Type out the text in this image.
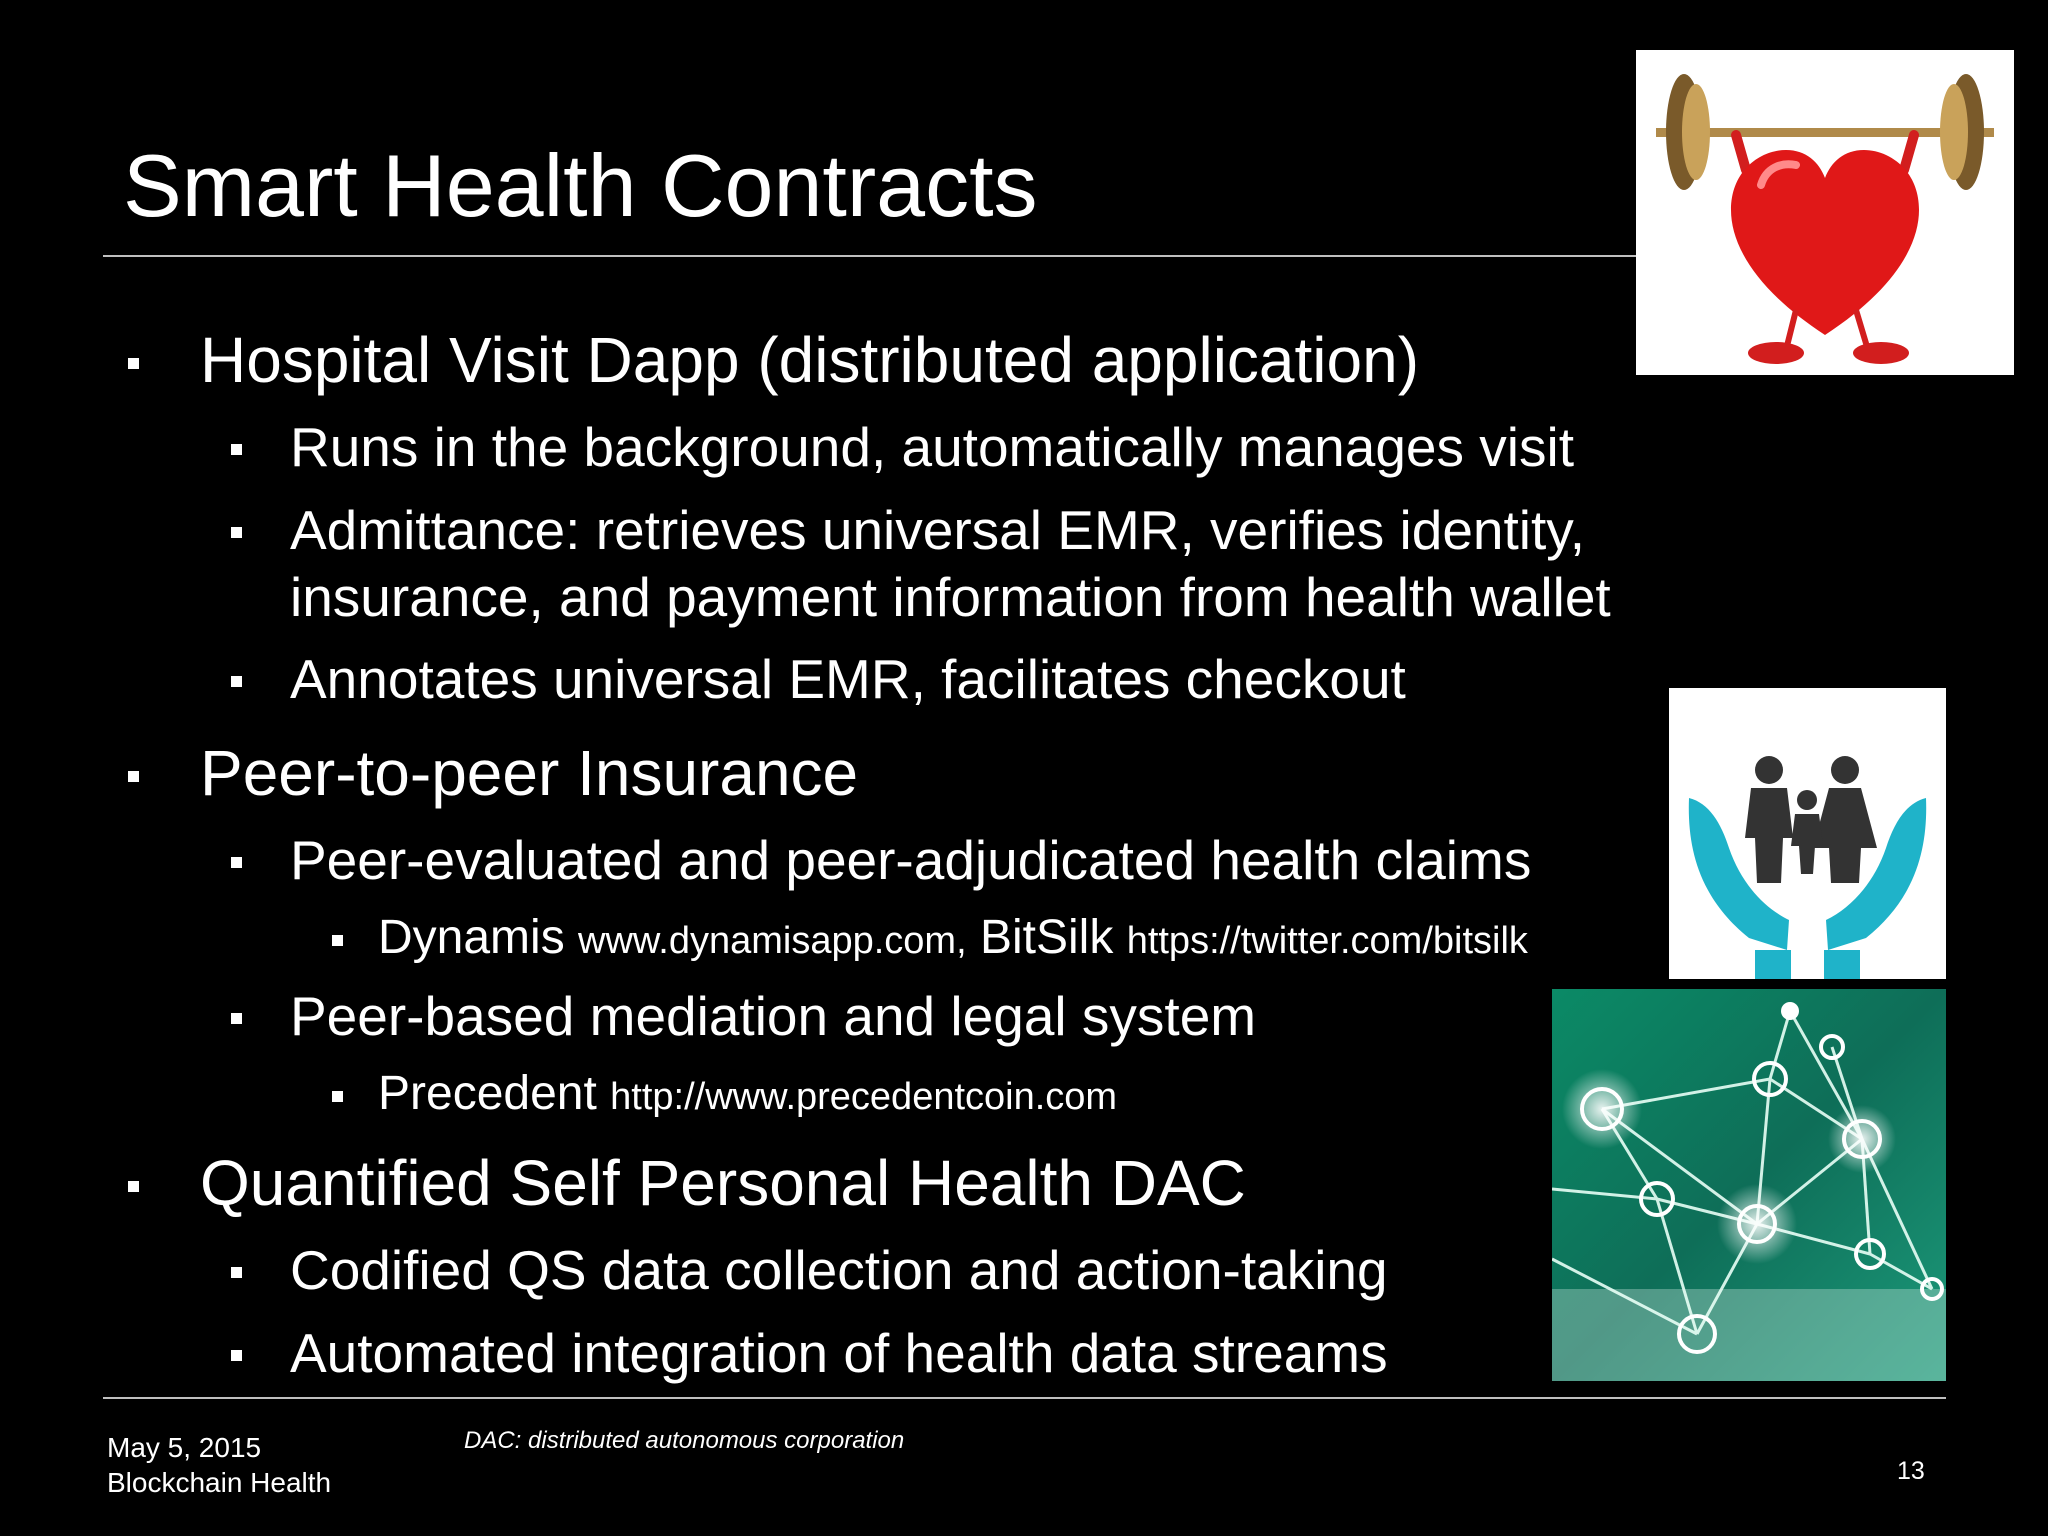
Smart Health Contracts
Hospital Visit Dapp (distributed application)
Runs in the background, automatically manages visit
Admittance: retrieves universal EMR, verifies identity,
insurance, and payment information from health wallet
Annotates universal EMR, facilitates checkout
Peer-to-peer Insurance
Peer-evaluated and peer-adjudicated health claims
Dynamis www.dynamisapp.com, BitSilk https://twitter.com/bitsilk
Peer-based mediation and legal system
Precedent http://www.precedentcoin.com
Quantified Self Personal Health DAC
Codified QS data collection and action-taking
Automated integration of health data streams
May 5, 2015
Blockchain Health
DAC: distributed autonomous corporation
13
